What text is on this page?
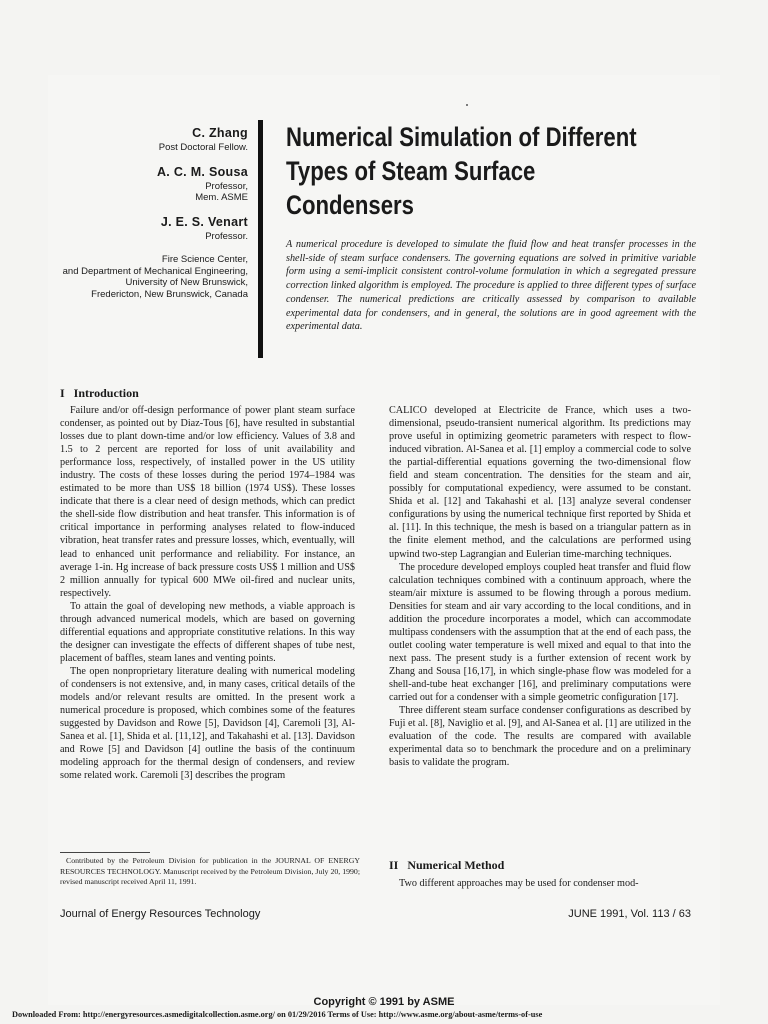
C. Zhang
Post Doctoral Fellow.
A. C. M. Sousa
Professor,
Mem. ASME
J. E. S. Venart
Professor.
Fire Science Center,
and Department of Mechanical Engineering,
University of New Brunswick,
Fredericton, New Brunswick, Canada
Numerical Simulation of Different
Types of Steam Surface
Condensers
A numerical procedure is developed to simulate the fluid flow and heat transfer processes in the shell-side of steam surface condensers. The governing equations are solved in primitive variable form using a semi-implicit consistent control-volume formulation in which a segregated pressure correction linked algorithm is employed. The procedure is applied to three different types of surface condenser. The numerical predictions are critically assessed by comparison to available experimental data for condensers, and in general, the solutions are in good agreement with the experimental data.
I   Introduction

Failure and/or off-design performance of power plant steam surface condenser, as pointed out by Diaz-Tous [6], have resulted in substantial losses due to plant down-time and/or low efficiency. Values of 3.8 and 1.5 to 2 percent are reported for loss of unit availability and performance loss, respectively, of installed power in the US utility industry. The costs of these losses during the period 1974–1984 was estimated to be more than US$ 18 billion (1974 US$). These losses indicate that there is a clear need of design methods, which can predict the shell-side flow distribution and heat transfer. This information is of critical importance in performing analyses related to flow-induced vibration, heat transfer rates and pressure losses, which, eventually, will lead to enhanced unit performance and reliability. For instance, an average 1-in. Hg increase of back pressure costs US$ 1 million and US$ 2 million annually for typical 600 MWe oil-fired and nuclear units, respectively.

To attain the goal of developing new methods, a viable approach is through advanced numerical models, which are based on governing differential equations and appropriate constitutive relations. In this way the designer can investigate the effects of different shapes of tube nest, placement of baffles, steam lanes and venting points.

The open nonproprietary literature dealing with numerical modeling of condensers is not extensive, and, in many cases, critical details of the models and/or relevant results are omitted. In the present work a numerical procedure is proposed, which combines some of the features suggested by Davidson and Rowe [5], Davidson [4], Caremoli [3], Al-Sanea et al. [1], Shida et al. [11,12], and Takahashi et al. [13]. Davidson and Rowe [5] and Davidson [4] outline the basis of the continuum modeling approach for the thermal design of condensers, and review some related work. Caremoli [3] describes the program

CALICO developed at Electricite de France, which uses a two-dimensional, pseudo-transient numerical algorithm. Its predictions may prove useful in optimizing geometric parameters with respect to flow-induced vibration. Al-Sanea et al. [1] employ a commercial code to solve the partial-differential equations governing the two-dimensional flow field and steam concentration. The densities for the steam and air, possibly for computational expediency, were assumed to be constant. Shida et al. [12] and Takahashi et al. [13] analyze several condenser configurations by using the numerical technique first reported by Shida et al. [11]. In this technique, the mesh is based on a triangular pattern as in the finite element method, and the calculations are performed using upwind two-step Lagrangian and Eulerian time-marching techniques.

The procedure developed employs coupled heat transfer and fluid flow calculation techniques combined with a continuum approach, where the steam/air mixture is assumed to be flowing through a porous medium. Densities for steam and air vary according to the local conditions, and in addition the procedure incorporates a model, which can accommodate multipass condensers with the assumption that at the end of each pass, the outlet cooling water temperature is well mixed and equal to that into the next pass. The present study is a further extension of recent work by Zhang and Sousa [16,17], in which single-phase flow was modeled for a shell-and-tube heat exchanger [16], and preliminary computations were carried out for a condenser with a simple geometric configuration [17].

Three different steam surface condenser configurations as described by Fuji et al. [8], Naviglio et al. [9], and Al-Sanea et al. [1] are utilized in the evaluation of the code. The results are compared with available experimental data so to benchmark the procedure and on a preliminary basis to validate the program.

II   Numerical Method
Two different approaches may be used for condenser mod-
Contributed by the Petroleum Division for publication in the JOURNAL OF ENERGY RESOURCES TECHNOLOGY. Manuscript received by the Petroleum Division, July 20, 1990; revised manuscript received April 11, 1991.
Journal of Energy Resources Technology	JUNE 1991, Vol. 113 / 63
Copyright © 1991 by ASME
Downloaded From: http://energyresources.asmedigitalcollection.asme.org/ on 01/29/2016 Terms of Use: http://www.asme.org/about-asme/terms-of-use
